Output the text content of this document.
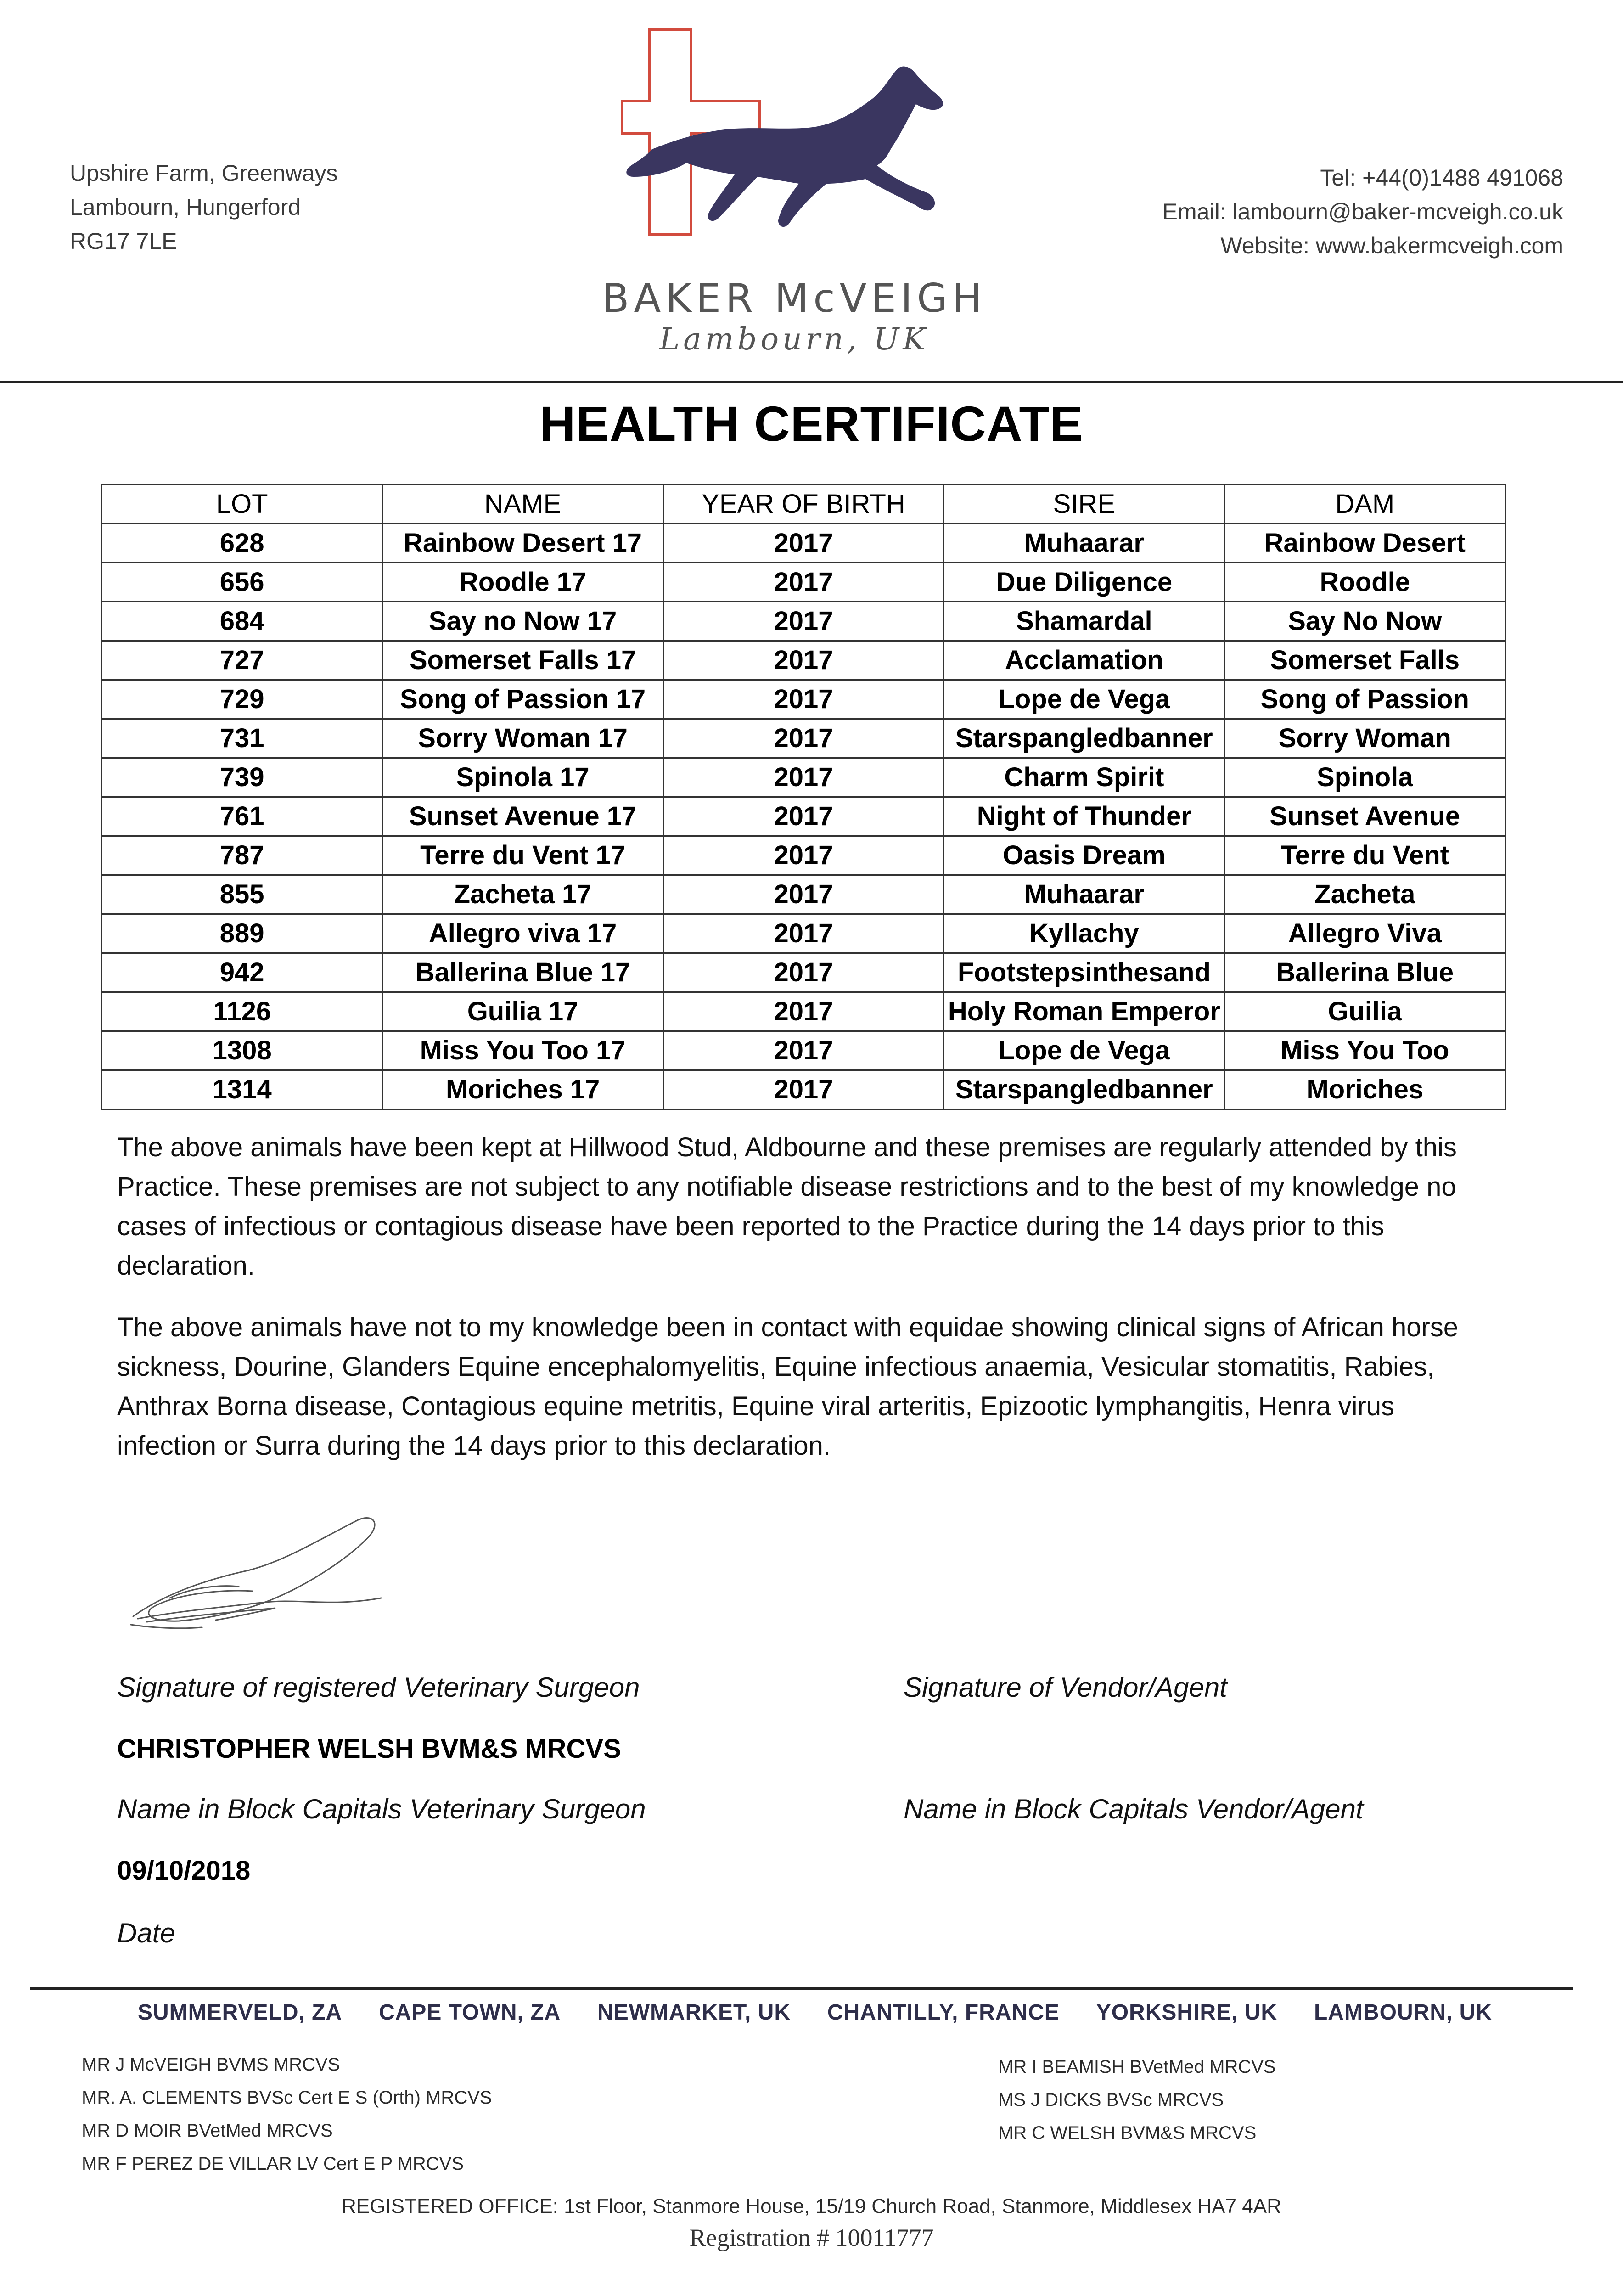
Upshire Farm, Greenways
Lambourn, Hungerford
RG17 7LE
BAKER McVEIGH
Lambourn, UK
Tel: +44(0)1488 491068
Email: lambourn@baker-mcveigh.co.uk
Website: www.bakermcveigh.com
HEALTH CERTIFICATE
LOT	NAME	YEAR OF BIRTH	SIRE	DAM
628	Rainbow Desert 17	2017	Muhaarar	Rainbow Desert
656	Roodle 17	2017	Due Diligence	Roodle
684	Say no Now 17	2017	Shamardal	Say No Now
727	Somerset Falls 17	2017	Acclamation	Somerset Falls
729	Song of Passion 17	2017	Lope de Vega	Song of Passion
731	Sorry Woman 17	2017	Starspangledbanner	Sorry Woman
739	Spinola 17	2017	Charm Spirit	Spinola
761	Sunset Avenue 17	2017	Night of Thunder	Sunset Avenue
787	Terre du Vent 17	2017	Oasis Dream	Terre du Vent
855	Zacheta 17	2017	Muhaarar	Zacheta
889	Allegro viva 17	2017	Kyllachy	Allegro Viva
942	Ballerina Blue 17	2017	Footstepsinthesand	Ballerina Blue
1126	Guilia 17	2017	Holy Roman Emperor	Guilia
1308	Miss You Too 17	2017	Lope de Vega	Miss You Too
1314	Moriches 17	2017	Starspangledbanner	Moriches
The above animals have been kept at Hillwood Stud, Aldbourne and these premises are regularly attended by this Practice. These premises are not subject to any notifiable disease restrictions and to the best of my knowledge no cases of infectious or contagious disease have been reported to the Practice during the 14 days prior to this declaration.
The above animals have not to my knowledge been in contact with equidae showing clinical signs of African horse sickness, Dourine, Glanders Equine encephalomyelitis, Equine infectious anaemia, Vesicular stomatitis, Rabies, Anthrax Borna disease, Contagious equine metritis, Equine viral arteritis, Epizootic lymphangitis, Henra virus infection or Surra during the 14 days prior to this declaration.
Signature of registered Veterinary Surgeon	Signature of Vendor/Agent
CHRISTOPHER WELSH BVM&S MRCVS
Name in Block Capitals Veterinary Surgeon	Name in Block Capitals Vendor/Agent
09/10/2018
Date
SUMMERVELD, ZA CAPE TOWN, ZA NEWMARKET, UK CHANTILLY, FRANCE YORKSHIRE, UK LAMBOURN, UK
MR J McVEIGH BVMS MRCVS
MR. A. CLEMENTS BVSc Cert E S (Orth) MRCVS
MR D MOIR BVetMed MRCVS
MR F PEREZ DE VILLAR LV Cert E P MRCVS
MR I BEAMISH BVetMed MRCVS
MS J DICKS BVSc MRCVS
MR C WELSH BVM&S MRCVS
REGISTERED OFFICE: 1st Floor, Stanmore House, 15/19 Church Road, Stanmore, Middlesex HA7 4AR
Registration # 10011777
